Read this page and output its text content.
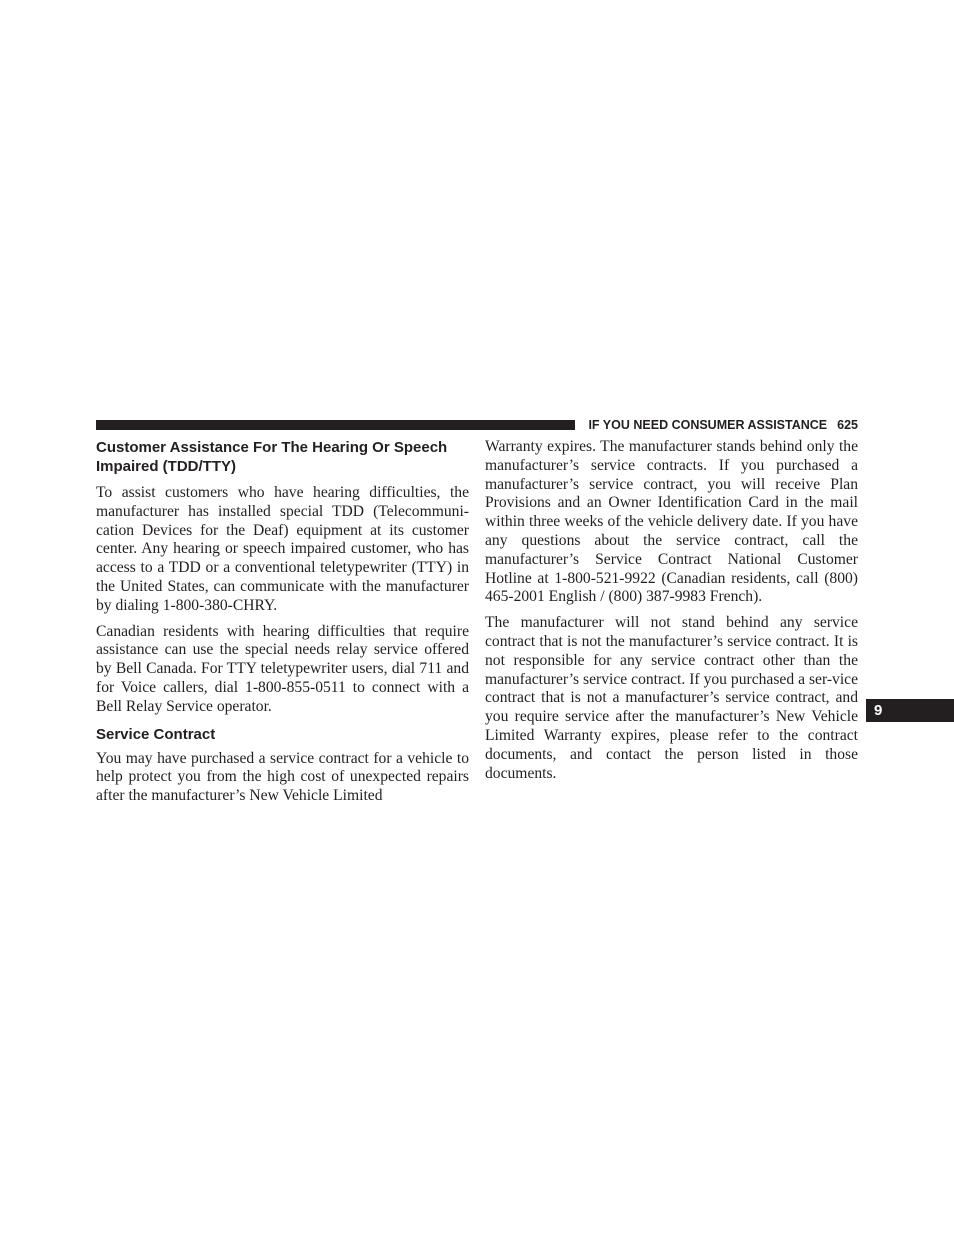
IF YOU NEED CONSUMER ASSISTANCE 625
Customer Assistance For The Hearing Or Speech Impaired (TDD/TTY)

To assist customers who have hearing difficulties, the manufacturer has installed special TDD (Telecommuni-cation Devices for the Deaf) equipment at its customer center. Any hearing or speech impaired customer, who has access to a TDD or a conventional teletypewriter (TTY) in the United States, can communicate with the manufacturer by dialing 1-800-380-CHRY.

Canadian residents with hearing difficulties that require assistance can use the special needs relay service offered by Bell Canada. For TTY teletypewriter users, dial 711 and for Voice callers, dial 1-800-855-0511 to connect with a Bell Relay Service operator.

Service Contract

You may have purchased a service contract for a vehicle to help protect you from the high cost of unexpected repairs after the manufacturer’s New Vehicle Limited

Warranty expires. The manufacturer stands behind only the manufacturer’s service contracts. If you purchased a manufacturer’s service contract, you will receive Plan Provisions and an Owner Identification Card in the mail within three weeks of the vehicle delivery date. If you have any questions about the service contract, call the manufacturer’s Service Contract National Customer Hotline at 1-800-521-9922 (Canadian residents, call (800) 465-2001 English / (800) 387-9983 French).

The manufacturer will not stand behind any service contract that is not the manufacturer’s service contract. It is not responsible for any service contract other than the manufacturer’s service contract. If you purchased a ser-vice contract that is not a manufacturer’s service contract, and you require service after the manufacturer’s New Vehicle Limited Warranty expires, please refer to the contract documents, and contact the person listed in those documents.

9
